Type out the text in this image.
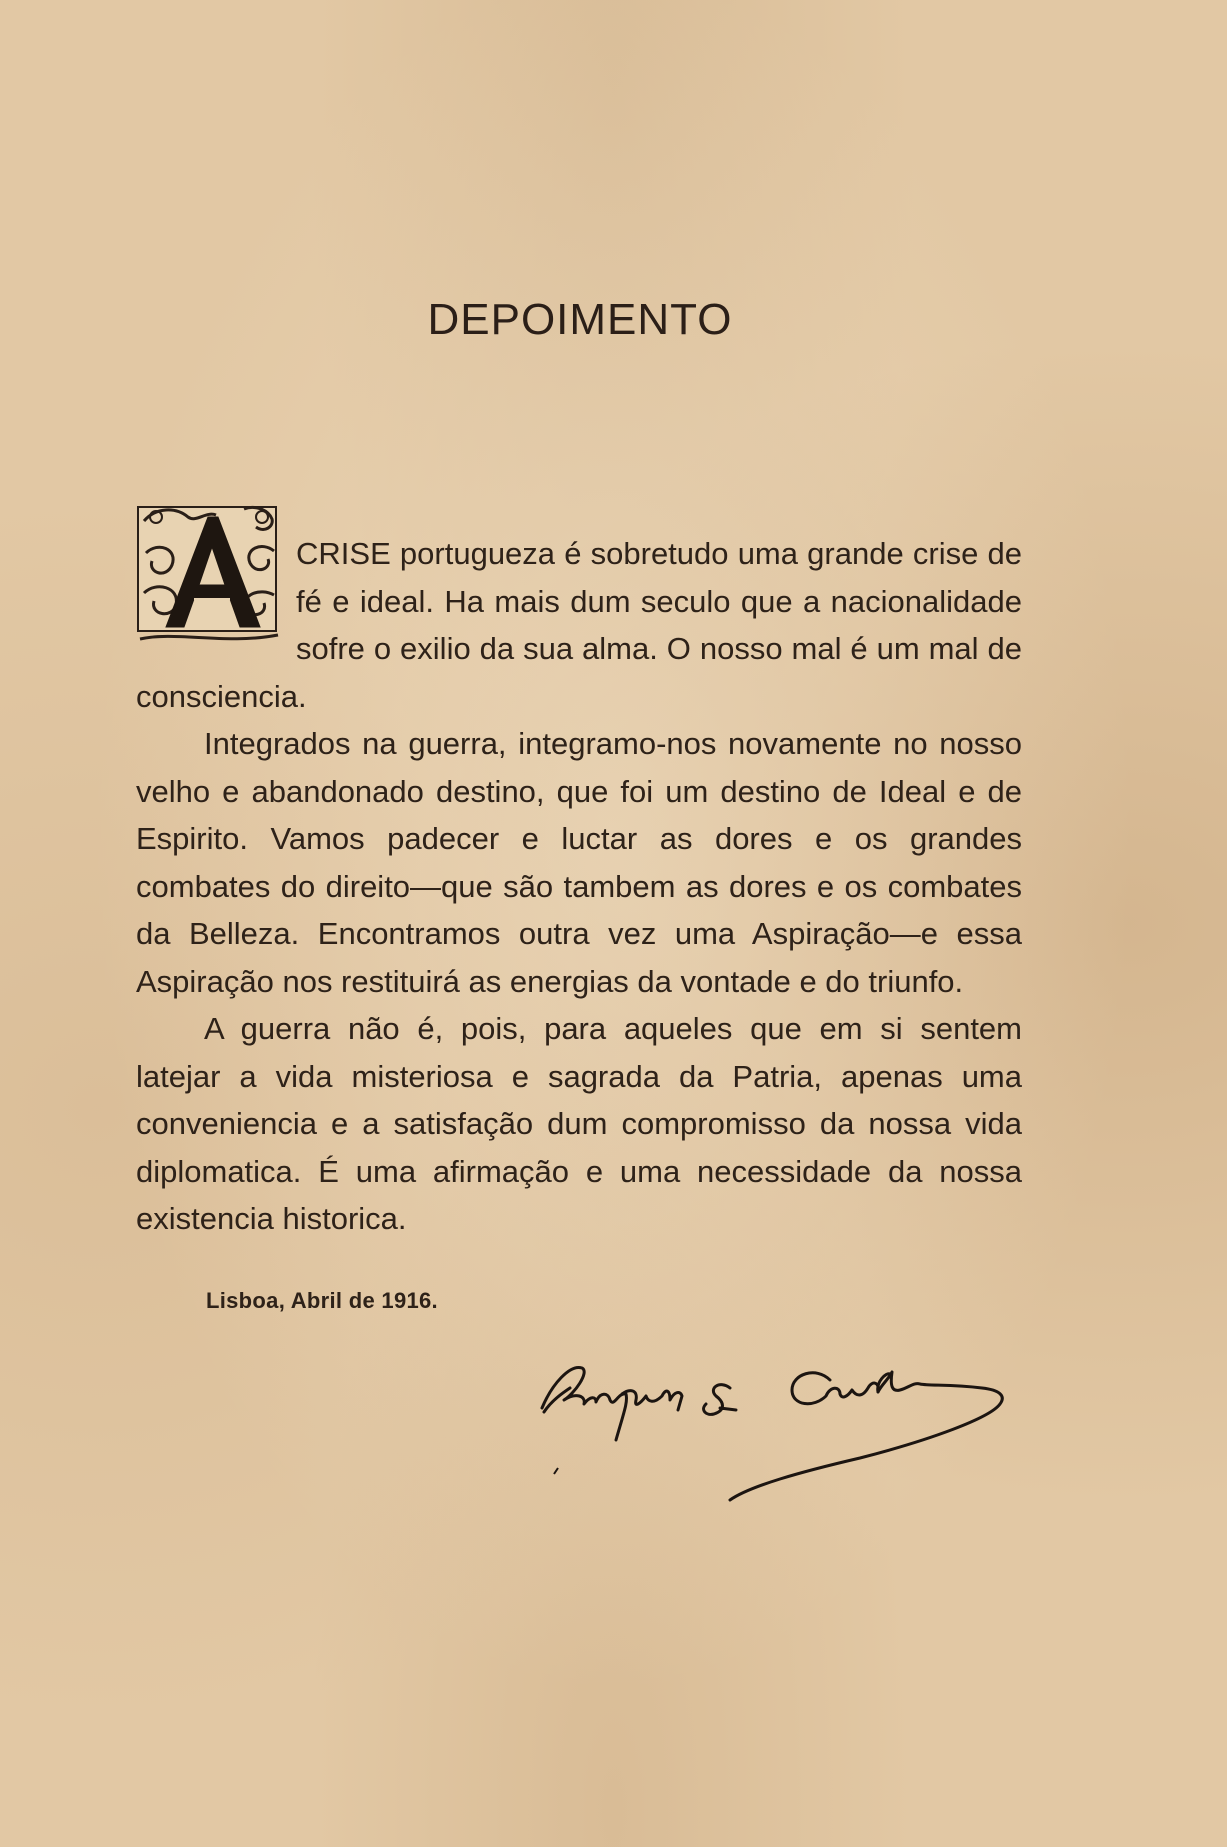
DEPOIMENTO

CRISE portugueza é sobretudo uma grande crise de fé e ideal. Ha mais dum seculo que a nacionalidade sofre o exilio da sua alma. O nosso mal é um mal de consciencia.

Integrados na guerra, integramo-nos novamente no nosso velho e abandonado destino, que foi um destino de Ideal e de Espirito. Vamos padecer e luctar as dores e os grandes combates do direito—que são tambem as dores e os combates da Belleza. Encontramos outra vez uma Aspiração—e essa Aspiração nos restituirá as energias da vontade e do triunfo.

A guerra não é, pois, para aqueles que em si sentem latejar a vida misteriosa e sagrada da Patria, apenas uma conveniencia e a satisfação dum compromisso da nossa vida diplomatica. É uma afirmação e uma necessidade da nossa existencia historica.

Lisboa, Abril de 1916.
